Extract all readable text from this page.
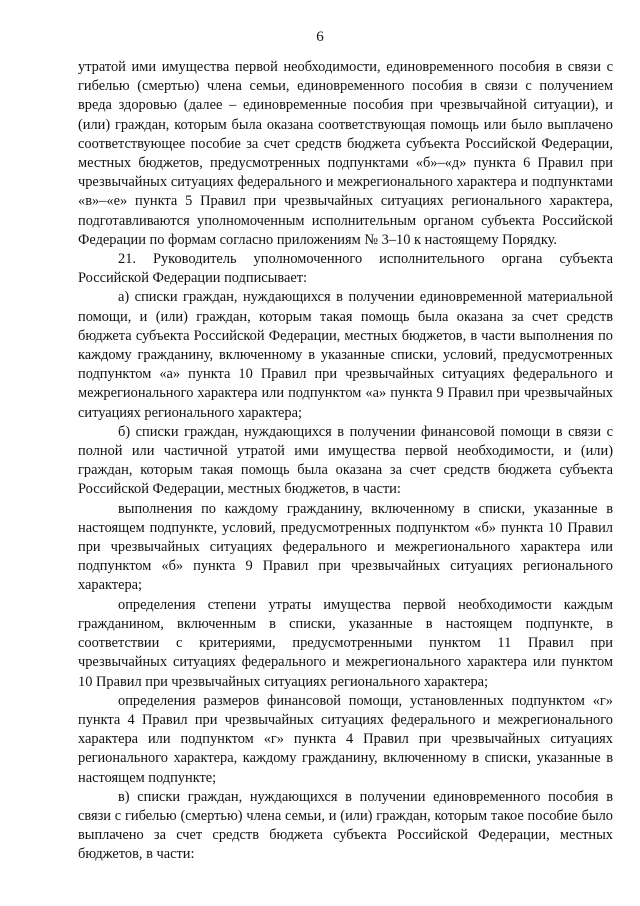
6

утратой ими имущества первой необходимости, единовременного пособия в связи с гибелью (смертью) члена семьи, единовременного пособия в связи с получением вреда здоровью (далее – единовременные пособия при чрезвычайной ситуации), и (или) граждан, которым была оказана соответствующая помощь или было выплачено соответствующее пособие за счет средств бюджета субъекта Российской Федерации, местных бюджетов, предусмотренных подпунктами «б»–«д» пункта 6 Правил при чрезвычайных ситуациях федерального и межрегионального характера и подпунктами «в»–«е» пункта 5 Правил при чрезвычайных ситуациях регионального характера, подготавливаются уполномоченным исполнительным органом субъекта Российской Федерации по формам согласно приложениям № 3–10 к настоящему Порядку.

21. Руководитель уполномоченного исполнительного органа субъекта Российской Федерации подписывает:

а) списки граждан, нуждающихся в получении единовременной материальной помощи, и (или) граждан, которым такая помощь была оказана за счет средств бюджета субъекта Российской Федерации, местных бюджетов, в части выполнения по каждому гражданину, включенному в указанные списки, условий, предусмотренных подпунктом «а» пункта 10 Правил при чрезвычайных ситуациях федерального и межрегионального характера или подпунктом «а» пункта 9 Правил при чрезвычайных ситуациях регионального характера;

б) списки граждан, нуждающихся в получении финансовой помощи в связи с полной или частичной утратой ими имущества первой необходимости, и (или) граждан, которым такая помощь была оказана за счет средств бюджета субъекта Российской Федерации, местных бюджетов, в части:

выполнения по каждому гражданину, включенному в списки, указанные в настоящем подпункте, условий, предусмотренных подпунктом «б» пункта 10 Правил при чрезвычайных ситуациях федерального и межрегионального характера или подпунктом «б» пункта 9 Правил при чрезвычайных ситуациях регионального характера;

определения степени утраты имущества первой необходимости каждым гражданином, включенным в списки, указанные в настоящем подпункте, в соответствии с критериями, предусмотренными пунктом 11 Правил при чрезвычайных ситуациях федерального и межрегионального характера или пунктом 10 Правил при чрезвычайных ситуациях регионального характера;

определения размеров финансовой помощи, установленных подпунктом «г» пункта 4 Правил при чрезвычайных ситуациях федерального и межрегионального характера или подпунктом «г» пункта 4 Правил при чрезвычайных ситуациях регионального характера, каждому гражданину, включенному в списки, указанные в настоящем подпункте;

в) списки граждан, нуждающихся в получении единовременного пособия в связи с гибелью (смертью) члена семьи, и (или) граждан, которым такое пособие было выплачено за счет средств бюджета субъекта Российской Федерации, местных бюджетов, в части:
